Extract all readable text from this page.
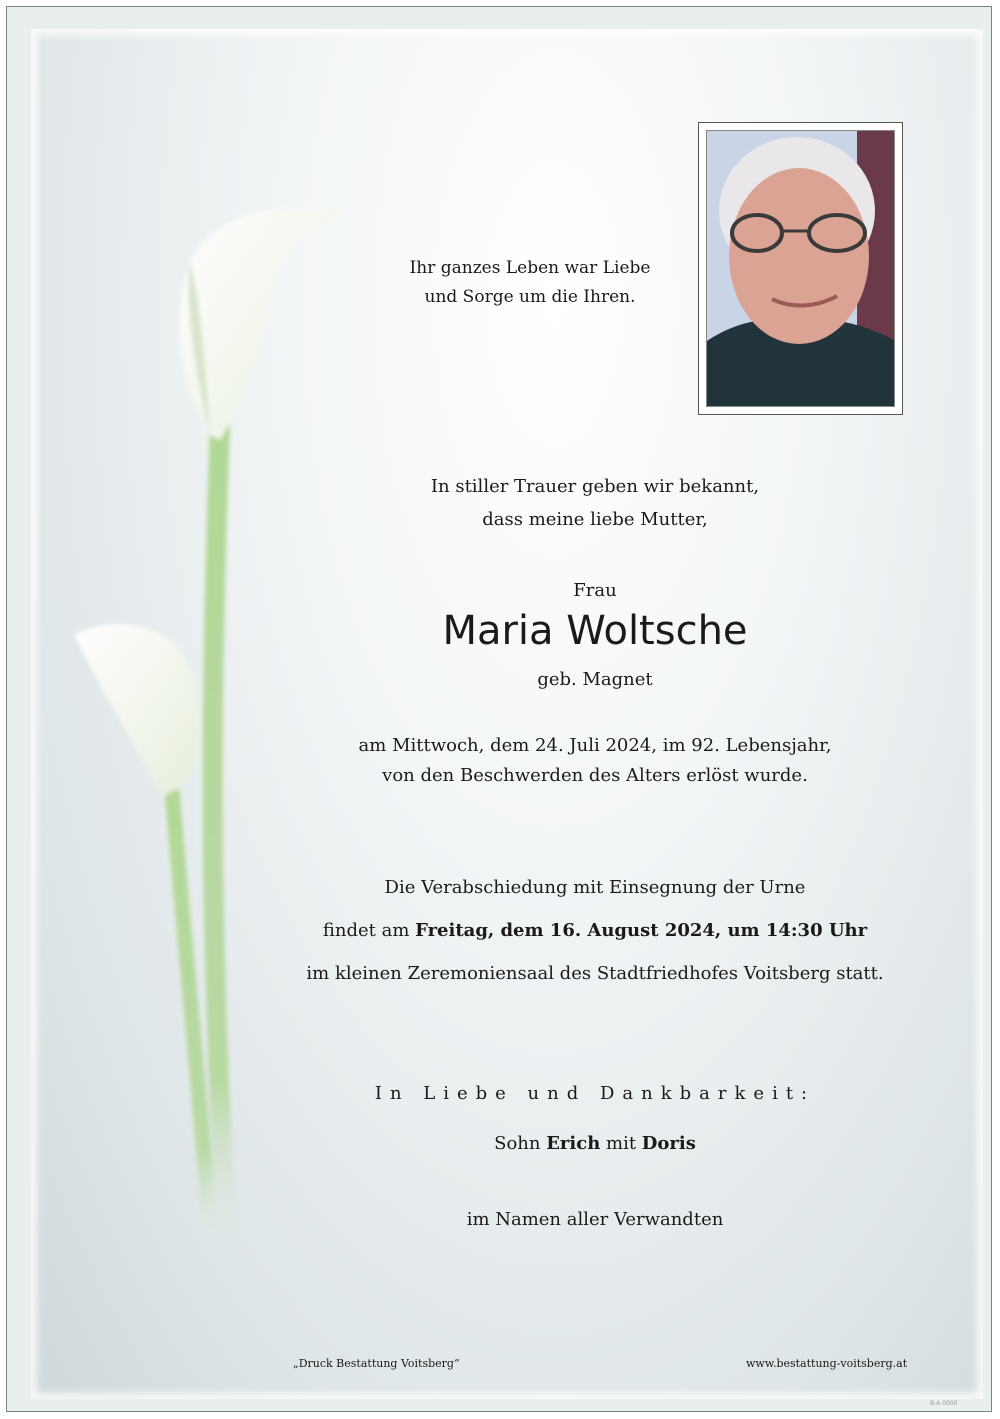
Ihr ganzes Leben war Liebe
und Sorge um die Ihren.
In stiller Trauer geben wir bekannt,
dass meine liebe Mutter,
Frau
Maria Woltsche
geb. Magnet
am Mittwoch, dem 24. Juli 2024, im 92. Lebensjahr,
von den Beschwerden des Alters erlöst wurde.
Die Verabschiedung mit Einsegnung der Urne
findet am Freitag, dem 16. August 2024, um 14:30 Uhr
im kleinen Zeremoniensaal des Stadtfriedhofes Voitsberg statt.
In Liebe und Dankbarkeit:
Sohn Erich mit Doris
im Namen aller Verwandten
„Druck Bestattung Voitsberg“	www.bestattung-voitsberg.at
B-A 0000
